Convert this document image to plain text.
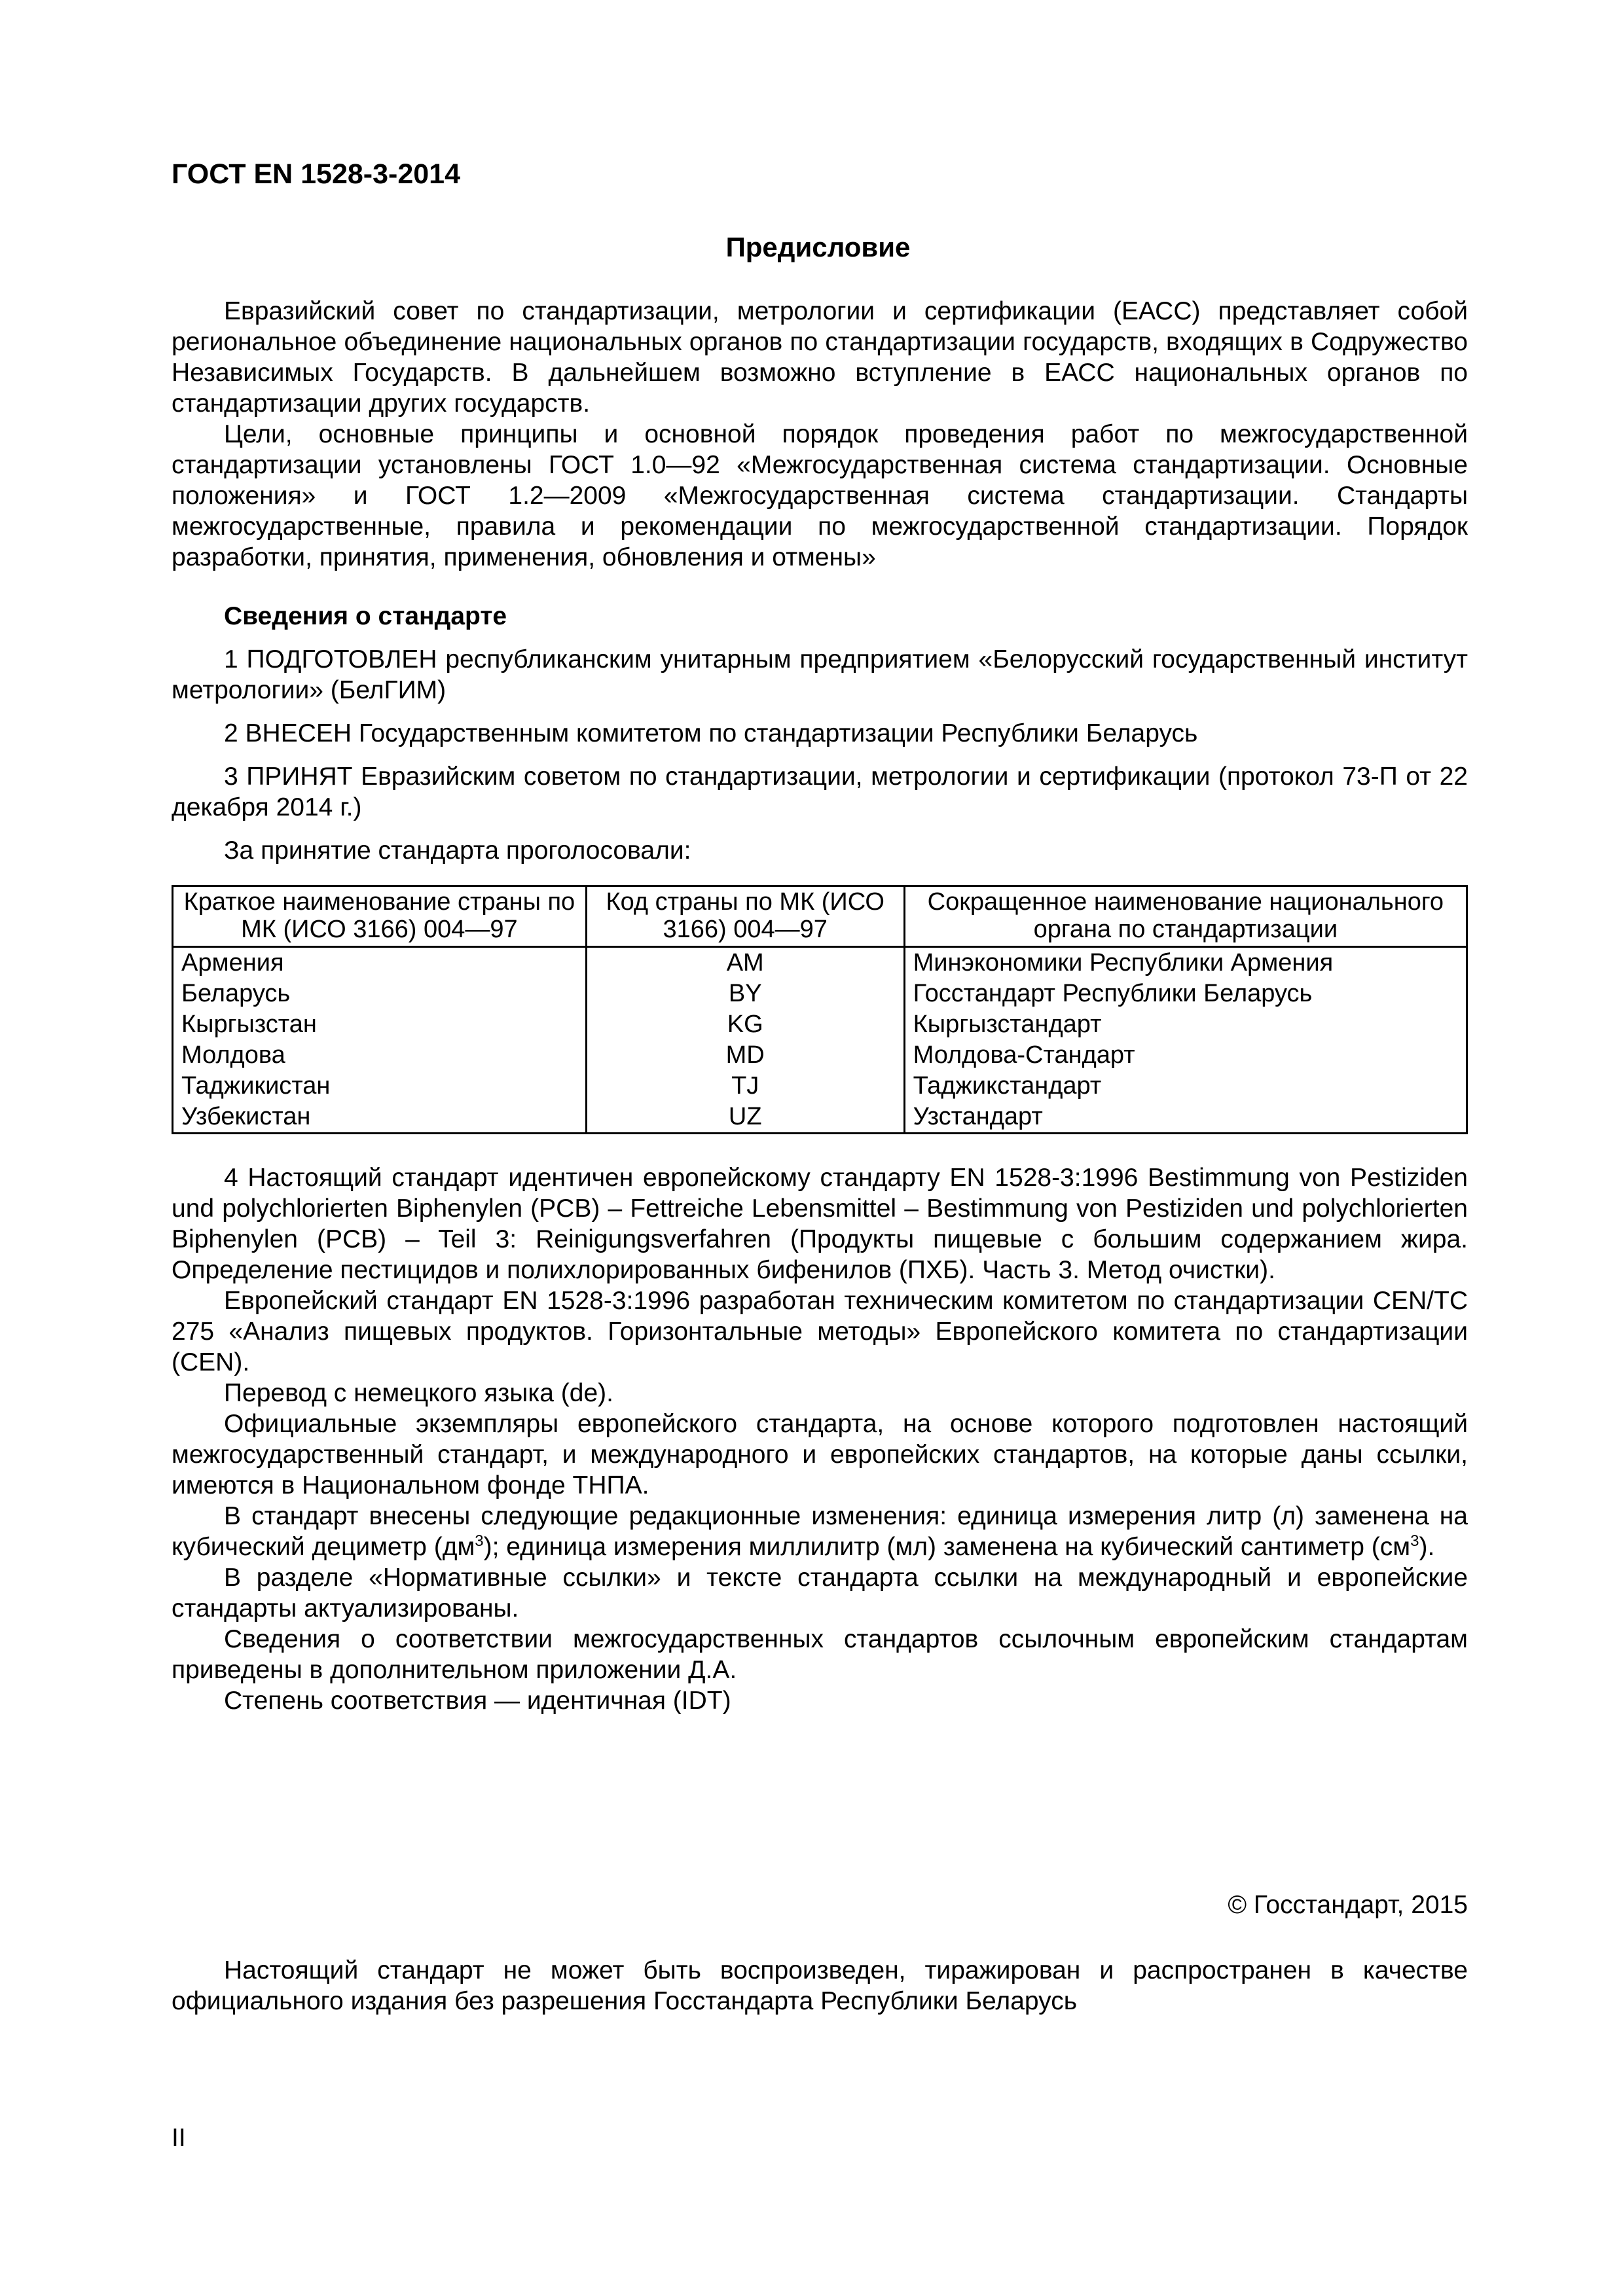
ГОСТ EN 1528-3-2014
Предисловие

Евразийский совет по стандартизации, метрологии и сертификации (ЕАСС) представляет собой региональное объединение национальных органов по стандартизации государств, входящих в Содружество Независимых Государств. В дальнейшем возможно вступление в ЕАСС национальных органов по стандартизации других государств.

Цели, основные принципы и основной порядок проведения работ по межгосударственной стандартизации установлены ГОСТ 1.0—92 «Межгосударственная система стандартизации. Основные положения» и ГОСТ 1.2—2009 «Межгосударственная система стандартизации. Стандарты межгосударственные, правила и рекомендации по межгосударственной стандартизации. Порядок разработки, принятия, применения, обновления и отмены»

Сведения о стандарте

1 ПОДГОТОВЛЕН республиканским унитарным предприятием «Белорусский государственный институт метрологии» (БелГИМ)

2 ВНЕСЕН Государственным комитетом по стандартизации Республики Беларусь

3 ПРИНЯТ Евразийским советом по стандартизации, метрологии и сертификации (протокол 73-П от 22 декабря 2014 г.)

За принятие стандарта проголосовали:

Краткое наименование страны по МК (ИСО 3166) 004—97	Код страны по МК (ИСО 3166) 004—97	Сокращенное наименование национального органа по стандартизации
Армения	AM	Минэкономики Республики Армения
Беларусь	BY	Госстандарт Республики Беларусь
Кыргызстан	KG	Кыргызстандарт
Молдова	MD	Молдова-Стандарт
Таджикистан	TJ	Таджикстандарт
Узбекистан	UZ	Узстандарт

4 Настоящий стандарт идентичен европейскому стандарту EN 1528-3:1996 Bestimmung von Pestiziden und polychlorierten Biphenylen (PCB) – Fettreiche Lebensmittel – Bestimmung von Pestiziden und polychlorierten Biphenylen (PCB) – Teil 3: Reinigungsverfahren (Продукты пищевые с большим содержанием жира. Определение пестицидов и полихлорированных бифенилов (ПХБ). Часть 3. Метод очистки).

Европейский стандарт EN 1528-3:1996 разработан техническим комитетом по стандартизации CEN/TC 275 «Анализ пищевых продуктов. Горизонтальные методы» Европейского комитета по стандартизации (CEN).

Перевод с немецкого языка (de).

Официальные экземпляры европейского стандарта, на основе которого подготовлен настоящий межгосударственный стандарт, и международного и европейских стандартов, на которые даны ссылки, имеются в Национальном фонде ТНПА.

В стандарт внесены следующие редакционные изменения: единица измерения литр (л) заменена на кубический дециметр $(дм^3)$; единица измерения миллилитр (мл) заменена на кубический сантиметр $(см^3)$.

В разделе «Нормативные ссылки» и тексте стандарта ссылки на международный и европейские стандарты актуализированы.

Сведения о соответствии межгосударственных стандартов ссылочным европейским стандартам приведены в дополнительном приложении Д.А.

Степень соответствия — идентичная (IDT)

© Госстандарт, 2015

Настоящий стандарт не может быть воспроизведен, тиражирован и распространен в качестве официального издания без разрешения Госстандарта Республики Беларусь

II
